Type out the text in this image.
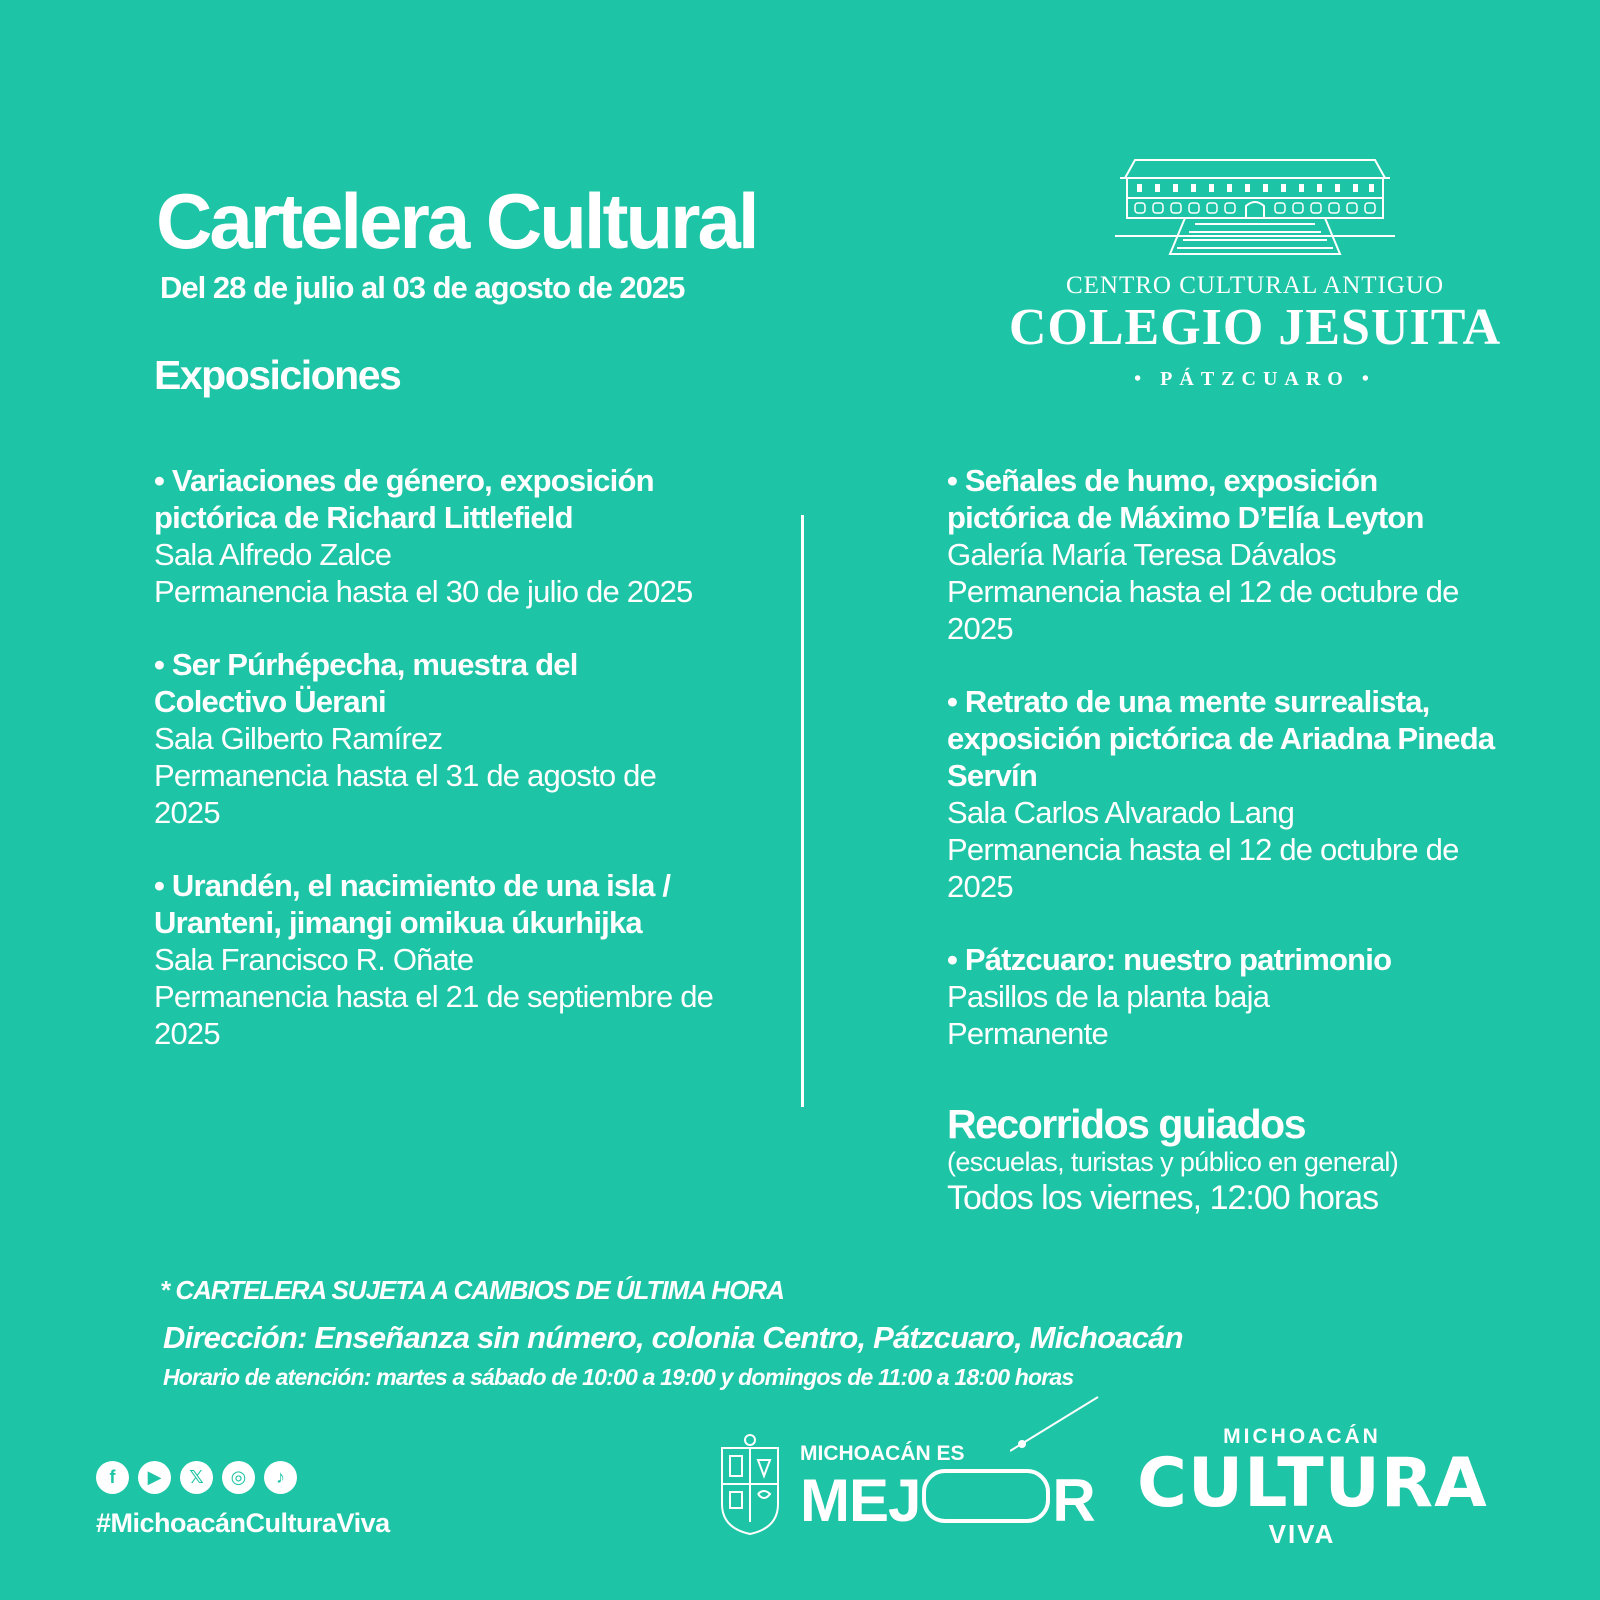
Cartelera Cultural
Del 28 de julio al 03 de agosto de 2025
Exposiciones
CENTRO CULTURAL ANTIGUO
COLEGIO JESUITA
• PÁTZCUARO •
• Variaciones de género, exposición pictórica de Richard Littlefield
Sala Alfredo Zalce
Permanencia hasta el 30 de julio de 2025
• Ser Púrhépecha, muestra del Colectivo Üerani
Sala Gilberto Ramírez
Permanencia hasta el 31 de agosto de 2025
• Urandén, el nacimiento de una isla / Uranteni, jimangi omikua úkurhijka
Sala Francisco R. Oñate
Permanencia hasta el 21 de septiembre de 2025
• Señales de humo, exposición pictórica de Máximo D’Elía Leyton
Galería María Teresa Dávalos
Permanencia hasta el 12 de octubre de 2025
• Retrato de una mente surrealista, exposición pictórica de Ariadna Pineda Servín
Sala Carlos Alvarado Lang
Permanencia hasta el 12 de octubre de 2025
• Pátzcuaro: nuestro patrimonio
Pasillos de la planta baja
Permanente
Recorridos guiados
(escuelas, turistas y público en general)
Todos los viernes, 12:00 horas
* CARTELERA SUJETA A CAMBIOS DE ÚLTIMA HORA
Dirección: Enseñanza sin número, colonia Centro, Pátzcuaro, Michoacán
Horario de atención: martes a sábado de 10:00 a 19:00 y domingos de 11:00 a 18:00 horas
f	▶	𝕏	◎	♪
#MichoacánCulturaViva
MICHOACÁN ES
MEJ R
MICHOACÁN
CULTURA
VIVA
